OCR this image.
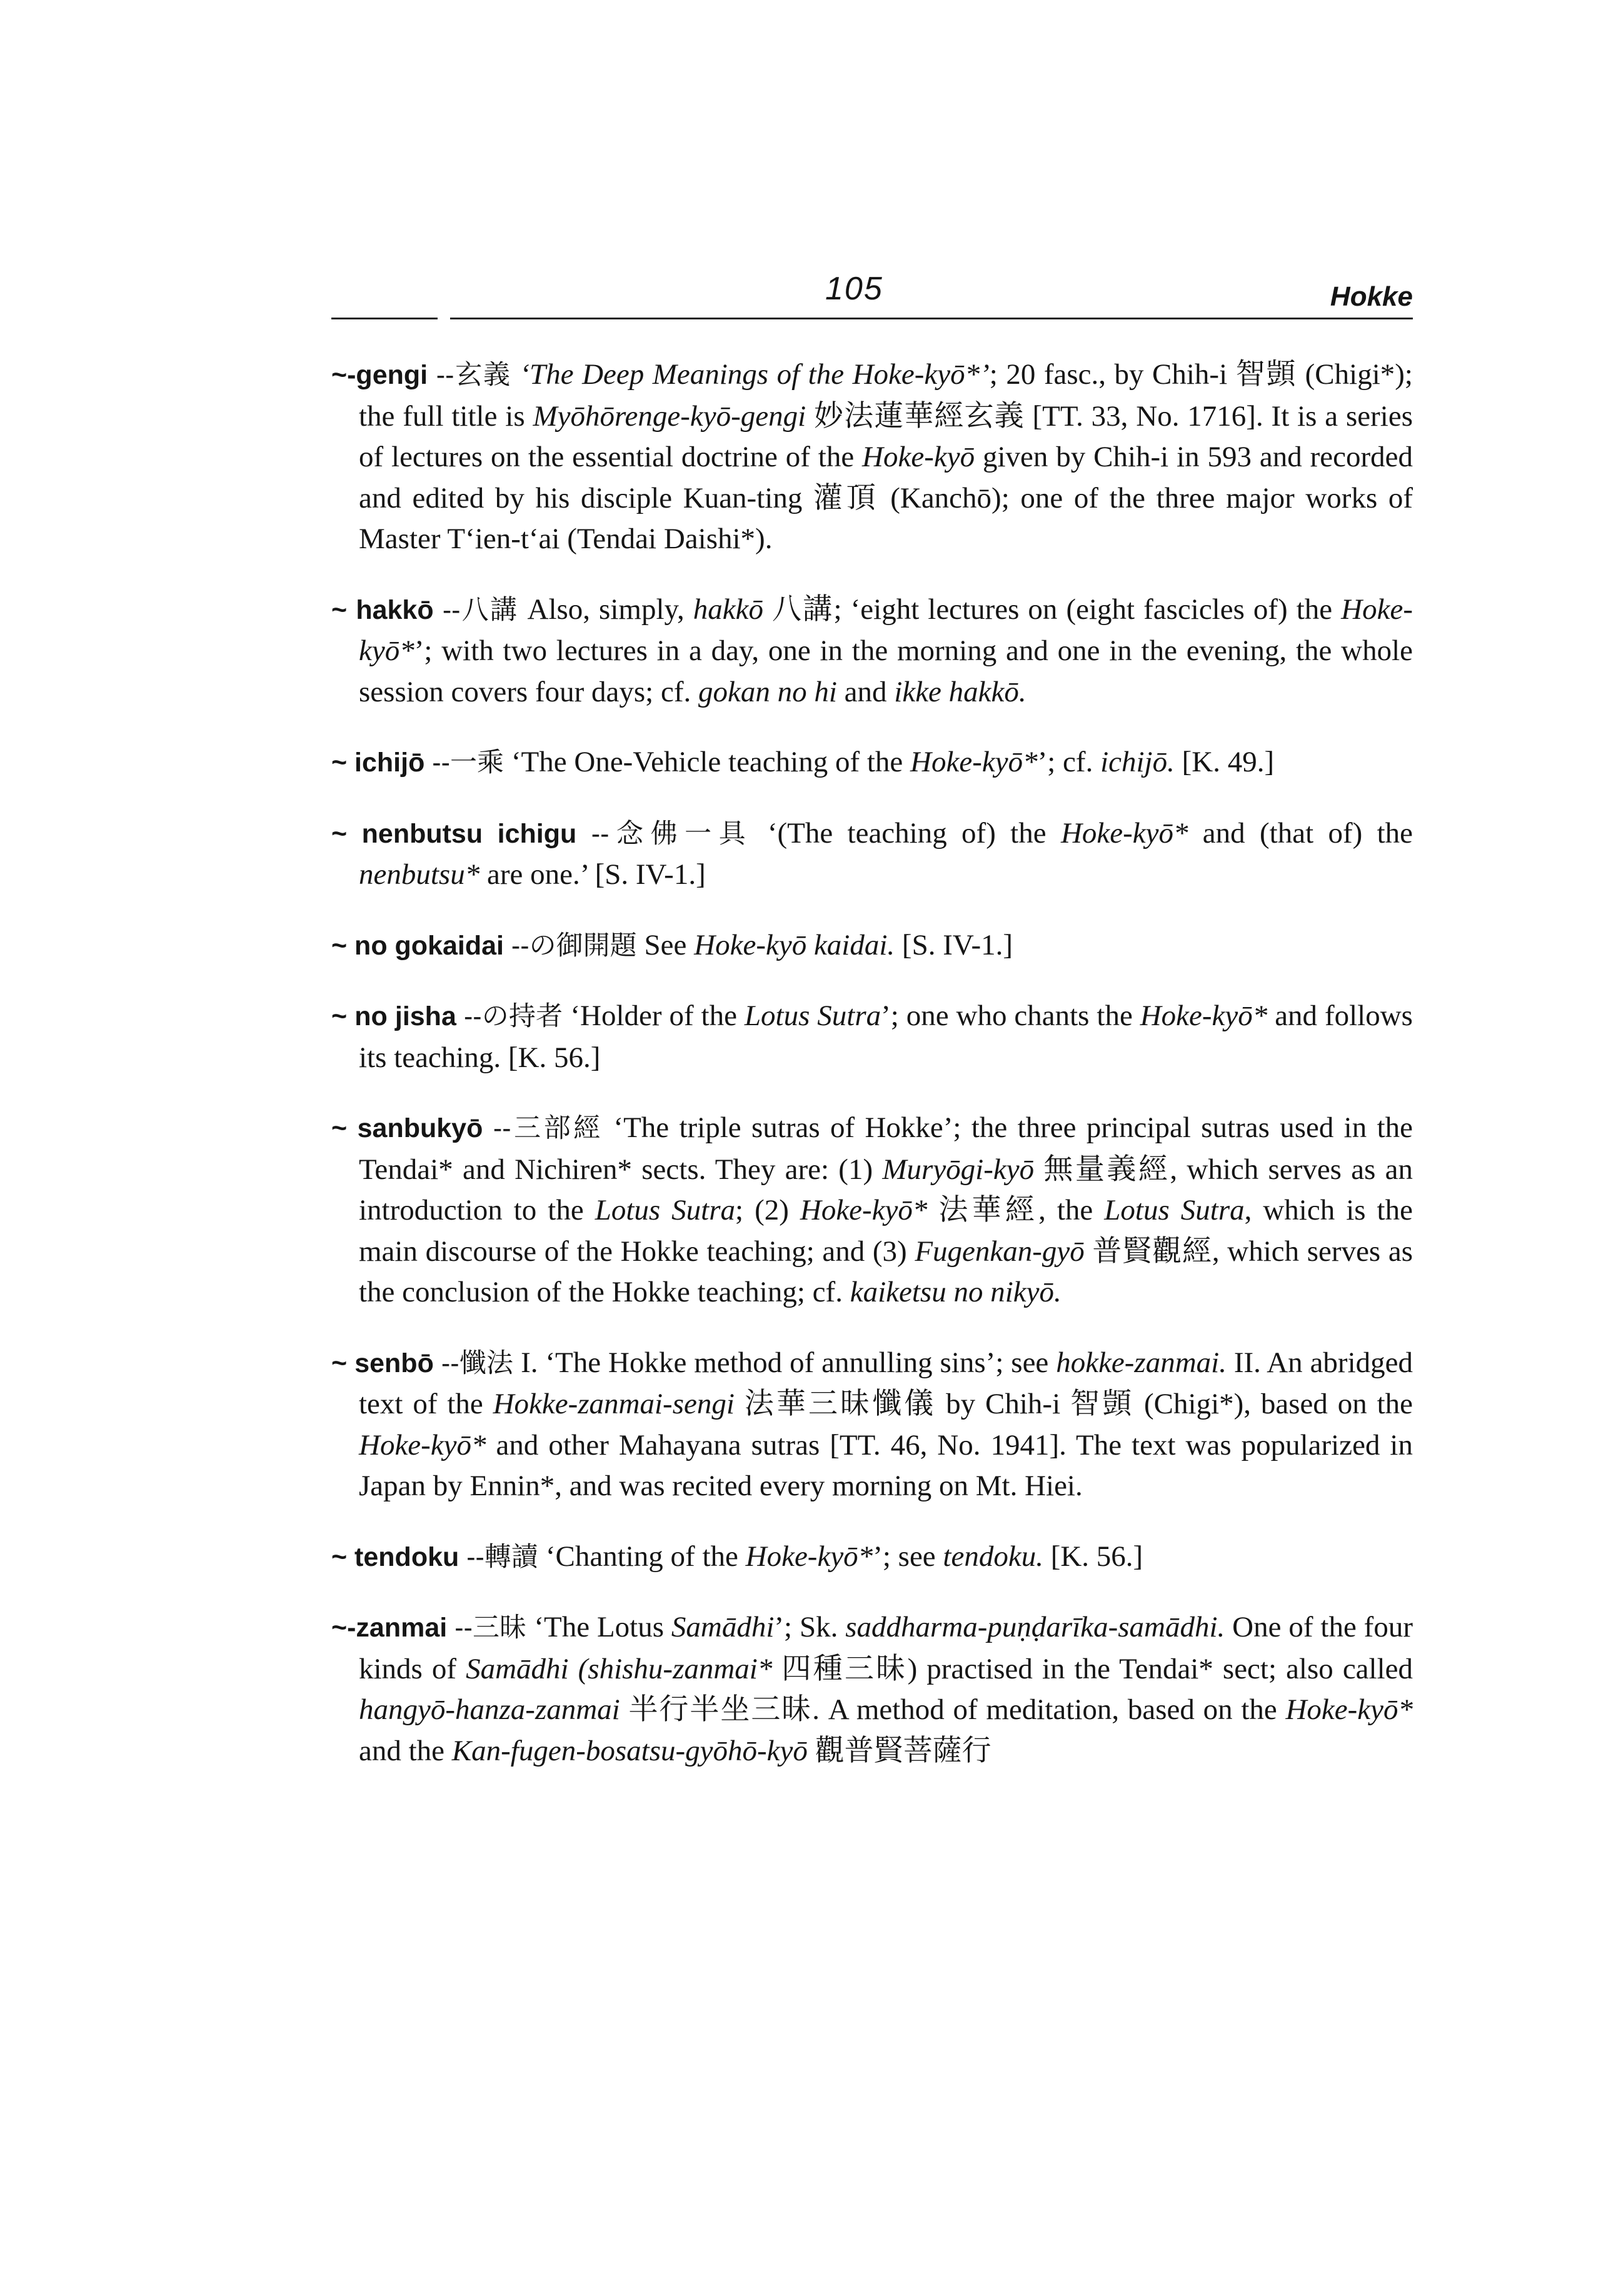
105	Hokke

~-gengi --玄義 ‘The Deep Meanings of the Hoke-kyō*’; 20 fasc., by Chih-i 智顗 (Chigi*); the full title is Myōhōrenge-kyō-gengi 妙法蓮華經玄義 [TT. 33, No. 1716]. It is a series of lectures on the essential doctrine of the Hoke-kyō given by Chih-i in 593 and recorded and edited by his disciple Kuan-ting 灌頂 (Kanchō); one of the three major works of Master T‘ien-t‘ai (Tendai Daishi*).

~ hakkō --八講 Also, simply, hakkō 八講; ‘eight lectures on (eight fascicles of) the Hoke-kyō*’; with two lectures in a day, one in the morning and one in the evening, the whole session covers four days; cf. gokan no hi and ikke hakkō.

~ ichijō --一乘 ‘The One-Vehicle teaching of the Hoke-kyō*’; cf. ichijō. [K. 49.]

~ nenbutsu ichigu --念佛一具 ‘(The teaching of) the Hoke-kyō* and (that of) the nenbutsu* are one.’ [S. IV-1.]

~ no gokaidai --の御開題 See Hoke-kyō kaidai. [S. IV-1.]

~ no jisha --の持者 ‘Holder of the Lotus Sutra’; one who chants the Hoke-kyō* and follows its teaching. [K. 56.]

~ sanbukyō --三部經 ‘The triple sutras of Hokke’; the three principal sutras used in the Tendai* and Nichiren* sects. They are: (1) Muryōgi-kyō 無量義經, which serves as an introduction to the Lotus Sutra; (2) Hoke-kyō* 法華經, the Lotus Sutra, which is the main discourse of the Hokke teaching; and (3) Fugenkan-gyō 普賢觀經, which serves as the conclusion of the Hokke teaching; cf. kaiketsu no nikyō.

~ senbō --懺法 I. ‘The Hokke method of annulling sins’; see hokke-zanmai. II. An abridged text of the Hokke-zanmai-sengi 法華三昧懺儀 by Chih-i 智顗 (Chigi*), based on the Hoke-kyō* and other Mahayana sutras [TT. 46, No. 1941]. The text was popularized in Japan by Ennin*, and was recited every morning on Mt. Hiei.

~ tendoku --轉讀 ‘Chanting of the Hoke-kyō*’; see tendoku. [K. 56.]

~-zanmai --三昧 ‘The Lotus Samādhi’; Sk. saddharma-puṇḍarīka-samādhi. One of the four kinds of Samādhi (shishu-zanmai* 四種三昧) practised in the Tendai* sect; also called hangyō-hanza-zanmai 半行半坐三昧. A method of meditation, based on the Hoke-kyō* and the Kan-fugen-bosatsu-gyōhō-kyō 觀普賢菩薩行
